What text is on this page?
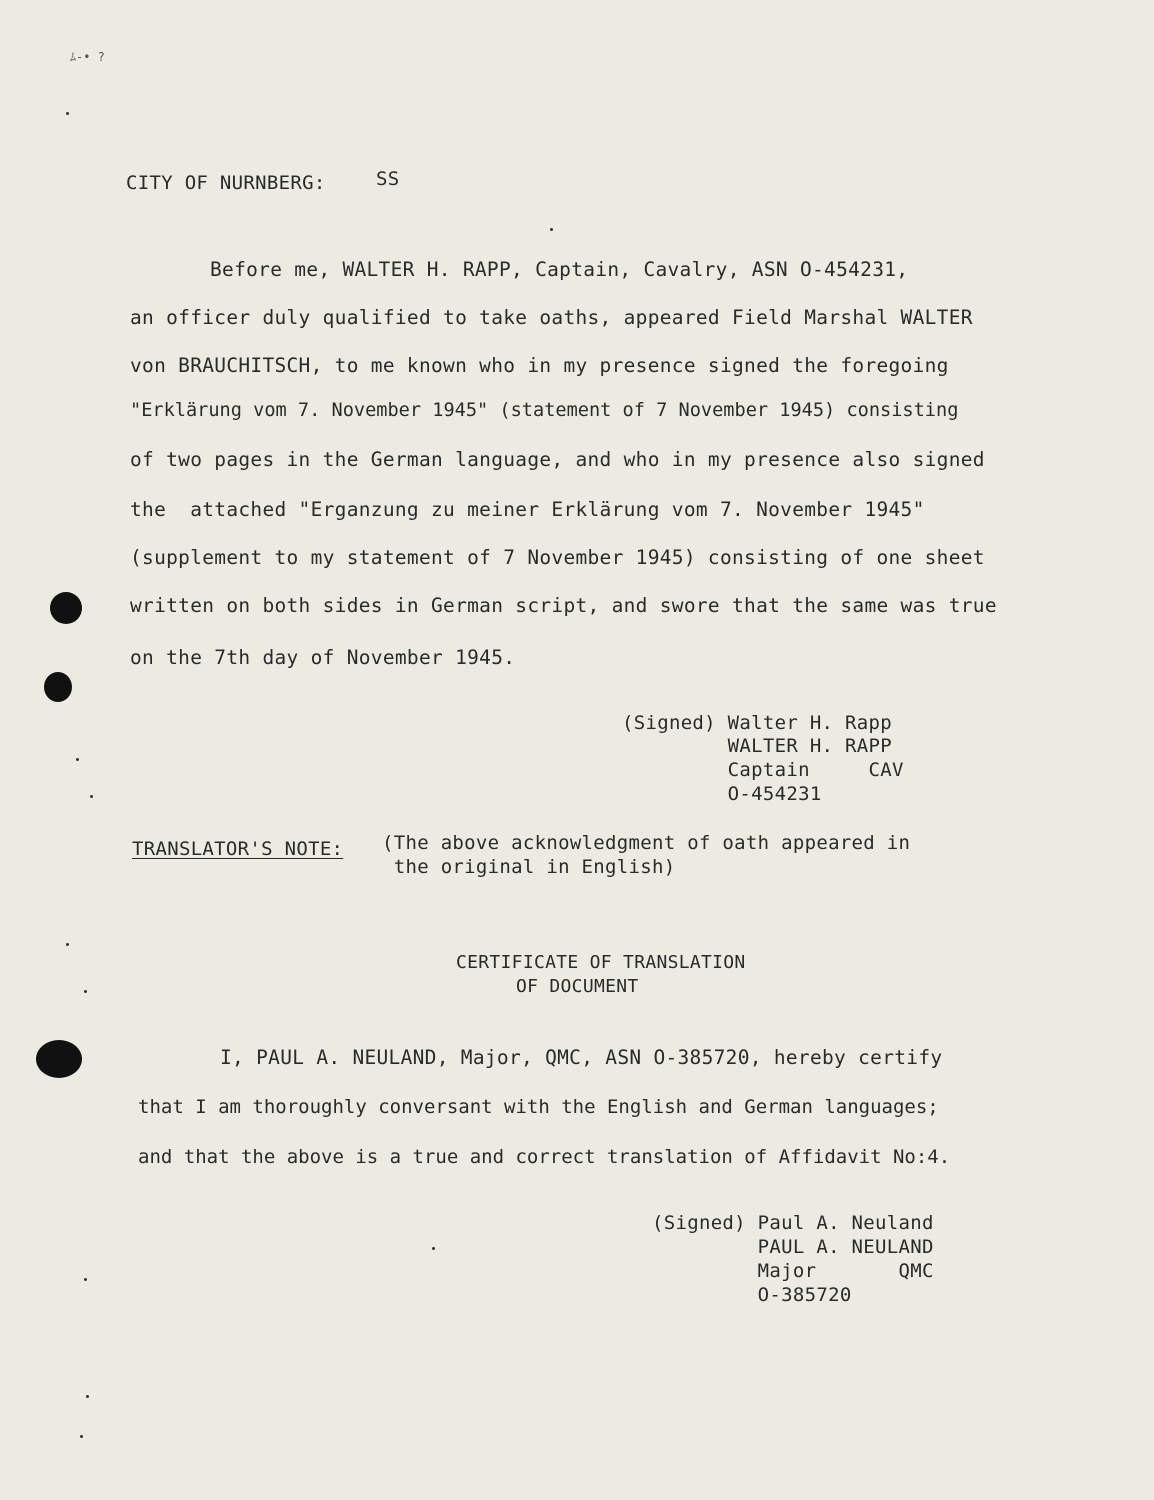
ﾑ-• ?
CITY OF NURNBERG:	SS
Before me, WALTER H. RAPP, Captain, Cavalry, ASN O-454231,
an officer duly qualified to take oaths, appeared Field Marshal WALTER
von BRAUCHITSCH, to me known who in my presence signed the foregoing
"Erklärung vom 7. November 1945" (statement of 7 November 1945) consisting
of two pages in the German language, and who in my presence also signed
the  attached "Erganzung zu meiner Erklärung vom 7. November 1945"
(supplement to my statement of 7 November 1945) consisting of one sheet
written on both sides in German script, and swore that the same was true
on the 7th day of November 1945.
(Signed) Walter H. Rapp
WALTER H. RAPP
Captain     CAV
O-454231
TRANSLATOR'S NOTE: (The above acknowledgment of oath appeared in
the original in English)
CERTIFICATE OF TRANSLATION
OF DOCUMENT
I, PAUL A. NEULAND, Major, QMC, ASN O-385720, hereby certify
that I am thoroughly conversant with the English and German languages;
and that the above is a true and correct translation of Affidavit No:4.
(Signed) Paul A. Neuland
PAUL A. NEULAND
Major       QMC
O-385720
